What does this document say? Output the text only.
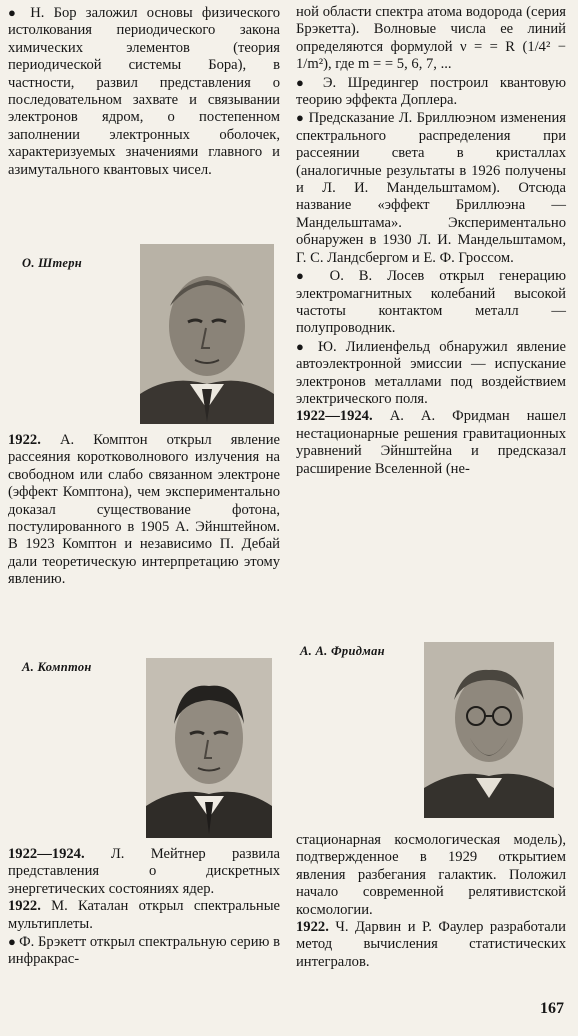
● Н. Бор заложил основы физического истолкования периодического закона химических элементов (теория периодической системы Бора), в частности, развил представления о последовательном захвате и связывании электронов ядром, о постепенном заполнении электронных оболочек, характеризуемых значениями главного и азимутального квантовых чисел.

О. Штерн

1922. А. Комптон открыл явление рассеяния коротковолнового излучения на свободном или слабо связанном электроне (эффект Комптона), чем экспериментально доказал существование фотона, постулированного в 1905 А. Эйнштейном. В 1923 Комптон и независимо П. Дебай дали теоретическую интерпретацию этому явлению.

А. Комптон

1922—1924. Л. Мейтнер развила представления о дискретных энергетических состояниях ядер.

1922. М. Каталан открыл спектральные мультиплеты.

● Ф. Брэкетт открыл спектральную серию в инфракрас-

ной области спектра атома водорода (серия Брэкетта). Волновые числа ее линий определяются формулой ν = = R (1/4² − 1/m²), где m = = 5, 6, 7, ...

● Э. Шредингер построил квантовую теорию эффекта Доплера.

● Предсказание Л. Бриллюэном изменения спектрального распределения при рассеянии света в кристаллах (аналогичные результаты в 1926 получены и Л. И. Мандельштамом). Отсюда название «эффект Бриллюэна — Мандельштама». Экспериментально обнаружен в 1930 Л. И. Мандельштамом, Г. С. Ландсбергом и Е. Ф. Гроссом.

● О. В. Лосев открыл генерацию электромагнитных колебаний высокой частоты контактом металл — полупроводник.

● Ю. Лилиенфельд обнаружил явление автоэлектронной эмиссии — испускание электронов металлами под воздействием электрического поля.

1922—1924. А. А. Фридман нашел нестационарные решения гравитационных уравнений Эйнштейна и предсказал расширение Вселенной (не-

А. А. Фридман

стационарная космологическая модель), подтвержденное в 1929 открытием явления разбегания галактик. Положил начало современной релятивистской космологии.

1922. Ч. Дарвин и Р. Фаулер разработали метод вычисления статистических интегралов.

167
